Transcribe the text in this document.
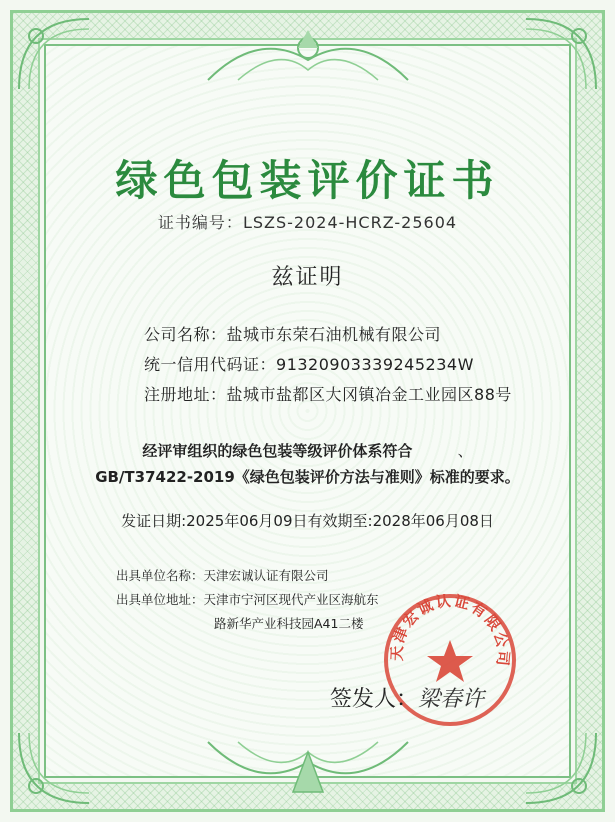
绿色包装评价证书
证书编号：LSZS-2024-HCRZ-25604
兹证明
公司名称：盐城市东荣石油机械有限公司
统一信用代码证：91320903339245234W
注册地址：盐城市盐都区大冈镇冶金工业园区88号
经评审组织的绿色包装等级评价体系符合	、
GB/T37422-2019《绿色包装评价方法与准则》标准的要求。
发证日期:2025年06月09日有效期至:2028年06月08日
出具单位名称：天津宏诚认证有限公司
出具单位地址：天津市宁河区现代产业区海航东
路新华产业科技园A41二楼
天津宏诚认证有限公司
签发人：梁春许
